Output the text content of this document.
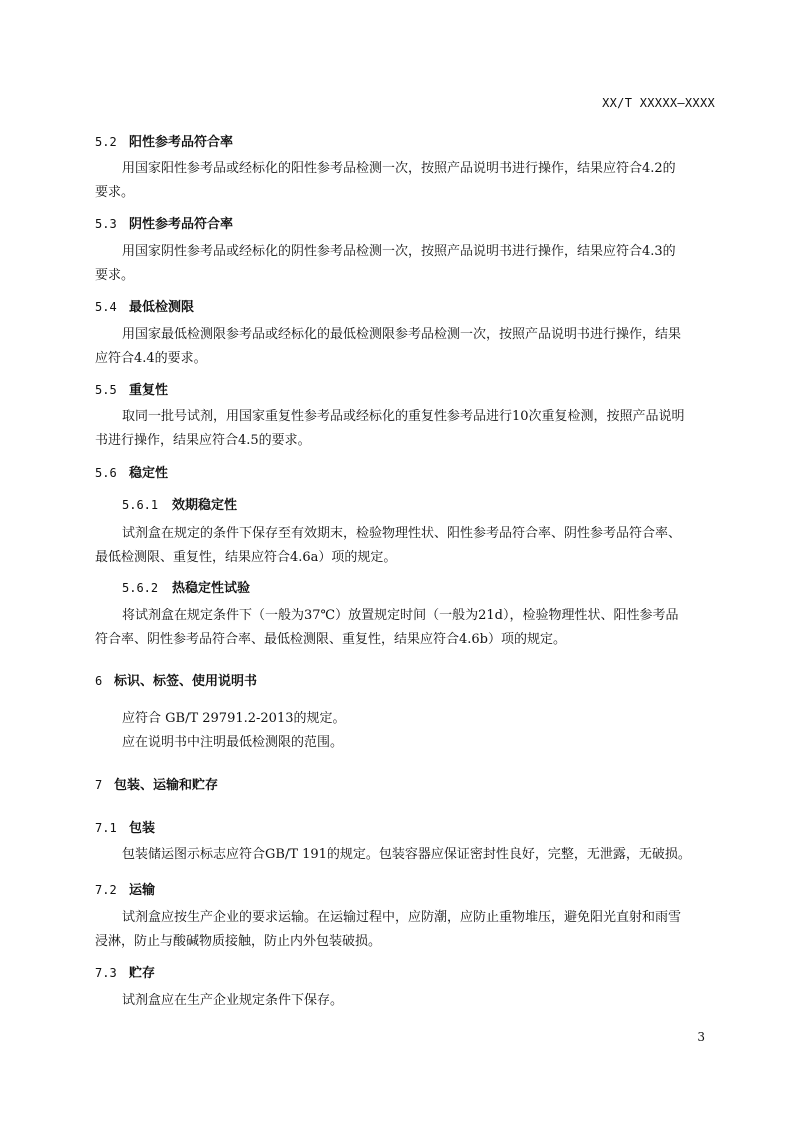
XX/T XXXXX—XXXX
5.2 阳性参考品符合率
用国家阳性参考品或经标化的阳性参考品检测一次，按照产品说明书进行操作，结果应符合4.2的
要求。
5.3 阴性参考品符合率
用国家阴性参考品或经标化的阴性参考品检测一次，按照产品说明书进行操作，结果应符合4.3的
要求。
5.4 最低检测限
用国家最低检测限参考品或经标化的最低检测限参考品检测一次，按照产品说明书进行操作，结果
应符合4.4的要求。
5.5 重复性
取同一批号试剂，用国家重复性参考品或经标化的重复性参考品进行10次重复检测，按照产品说明
书进行操作，结果应符合4.5的要求。
5.6 稳定性
5.6.1 效期稳定性
试剂盒在规定的条件下保存至有效期末，检验物理性状、阳性参考品符合率、阴性参考品符合率、
最低检测限、重复性，结果应符合4.6a）项的规定。
5.6.2 热稳定性试验
将试剂盒在规定条件下（一般为37℃）放置规定时间（一般为21d），检验物理性状、阳性参考品
符合率、阴性参考品符合率、最低检测限、重复性，结果应符合4.6b）项的规定。
6 标识、标签、使用说明书
应符合 GB/T 29791.2-2013的规定。
应在说明书中注明最低检测限的范围。
7 包装、运输和贮存
7.1 包装
包装储运图示标志应符合GB/T 191的规定。包装容器应保证密封性良好，完整，无泄露，无破损。
7.2 运输
试剂盒应按生产企业的要求运输。在运输过程中，应防潮，应防止重物堆压，避免阳光直射和雨雪
浸淋，防止与酸碱物质接触，防止内外包装破损。
7.3 贮存
试剂盒应在生产企业规定条件下保存。
3
